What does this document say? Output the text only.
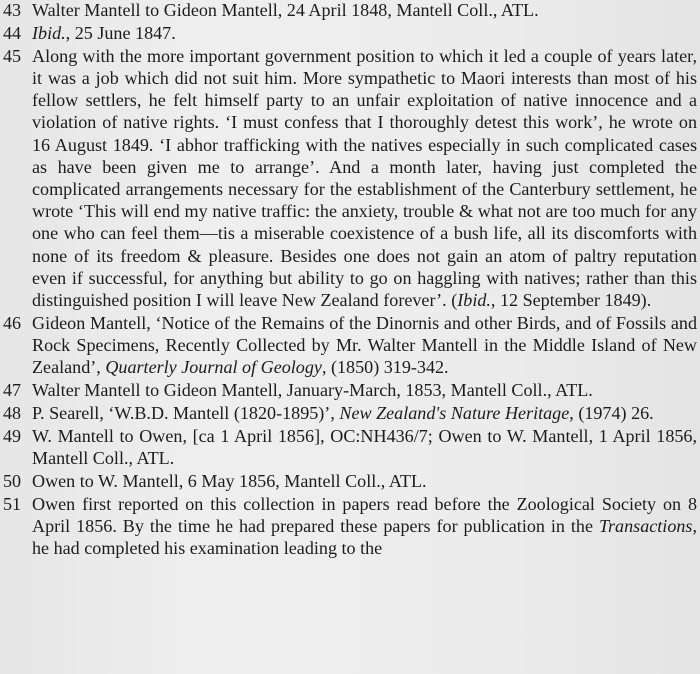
43 Walter Mantell to Gideon Mantell, 24 April 1848, Mantell Coll., ATL.
44 Ibid., 25 June 1847.
45 Along with the more important government position to which it led a couple of years later, it was a job which did not suit him. More sympathetic to Maori interests than most of his fellow settlers, he felt himself party to an unfair exploitation of native innocence and a violation of native rights. ‘I must confess that I thoroughly detest this work’, he wrote on 16 August 1849. ‘I abhor trafficking with the natives especially in such complicated cases as have been given me to arrange’. And a month later, having just completed the complicated arrangements necessary for the establishment of the Canterbury settlement, he wrote ‘This will end my native traffic: the anxiety, trouble & what not are too much for any one who can feel them—tis a miserable coexistence of a bush life, all its discomforts with none of its freedom & pleasure. Besides one does not gain an atom of paltry reputation even if successful, for anything but ability to go on haggling with natives; rather than this distinguished position I will leave New Zealand forever’. (Ibid., 12 September 1849).
46 Gideon Mantell, ‘Notice of the Remains of the Dinornis and other Birds, and of Fossils and Rock Specimens, Recently Collected by Mr. Walter Mantell in the Middle Island of New Zealand’, Quarterly Journal of Geology, (1850) 319-342.
47 Walter Mantell to Gideon Mantell, January-March, 1853, Mantell Coll., ATL.
48 P. Searell, ‘W.B.D. Mantell (1820-1895)’, New Zealand's Nature Heritage, (1974) 26.
49 W. Mantell to Owen, [ca 1 April 1856], OC:NH436/7; Owen to W. Mantell, 1 April 1856, Mantell Coll., ATL.
50 Owen to W. Mantell, 6 May 1856, Mantell Coll., ATL.
51 Owen first reported on this collection in papers read before the Zoological Society on 8 April 1856. By the time he had prepared these papers for publication in the Transactions, he had completed his examination leading to the
